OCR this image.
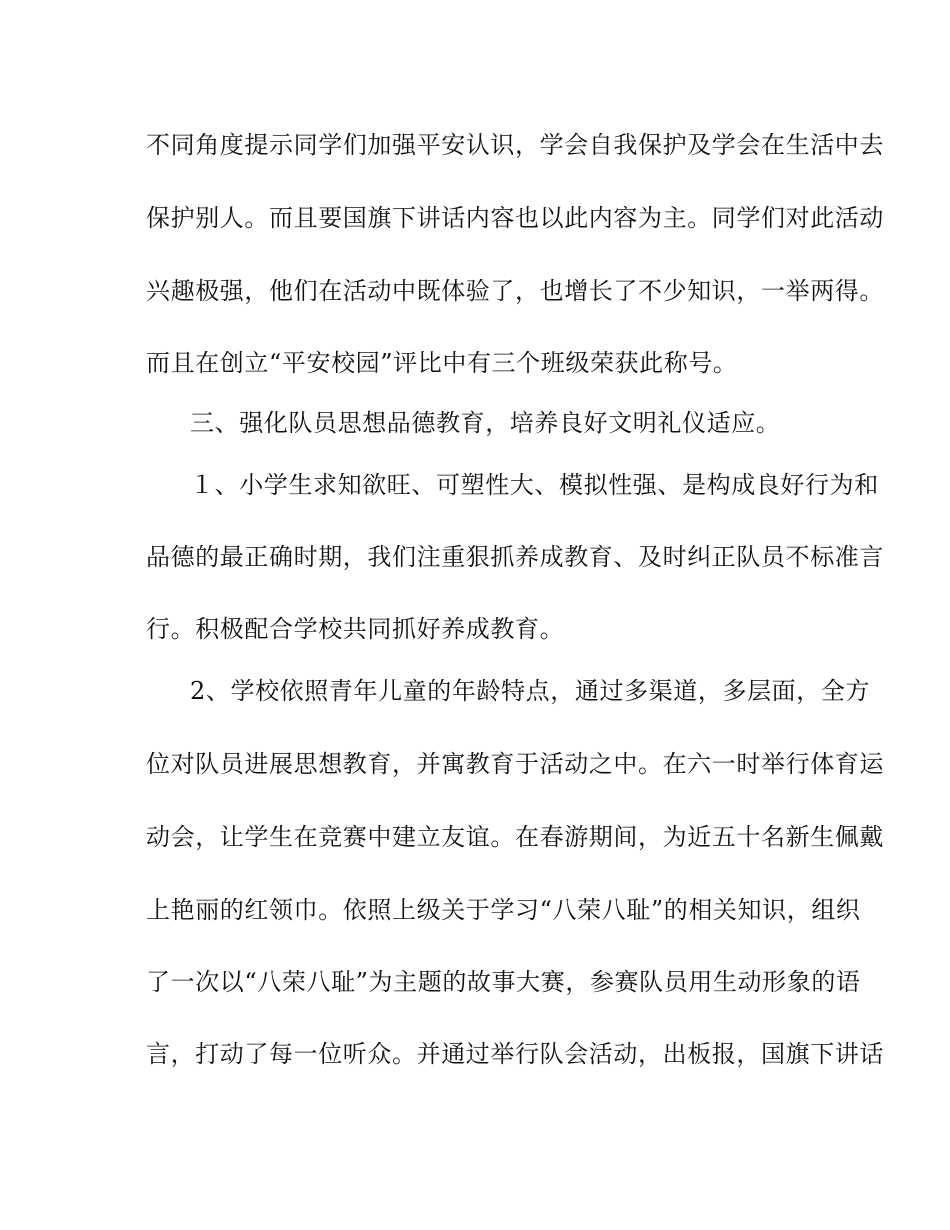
不同角度提示同学们加强平安认识，学会自我保护及学会在生活中去
保护别人。而且要国旗下讲话内容也以此内容为主。同学们对此活动
兴趣极强，他们在活动中既体验了，也增长了不少知识，一举两得。
而且在创立“平安校园”评比中有三个班级荣获此称号。
三、强化队员思想品德教育，培养良好文明礼仪适应。
１、小学生求知欲旺、可塑性大、模拟性强、是构成良好行为和
品德的最正确时期，我们注重狠抓养成教育、及时纠正队员不标准言
行。积极配合学校共同抓好养成教育。
2、学校依照青年儿童的年龄特点，通过多渠道，多层面，全方
位对队员进展思想教育，并寓教育于活动之中。在六一时举行体育运
动会，让学生在竞赛中建立友谊。在春游期间，为近五十名新生佩戴
上艳丽的红领巾。依照上级关于学习“八荣八耻”的相关知识，组织
了一次以“八荣八耻”为主题的故事大赛，参赛队员用生动形象的语
言，打动了每一位听众。并通过举行队会活动，出板报，国旗下讲话
